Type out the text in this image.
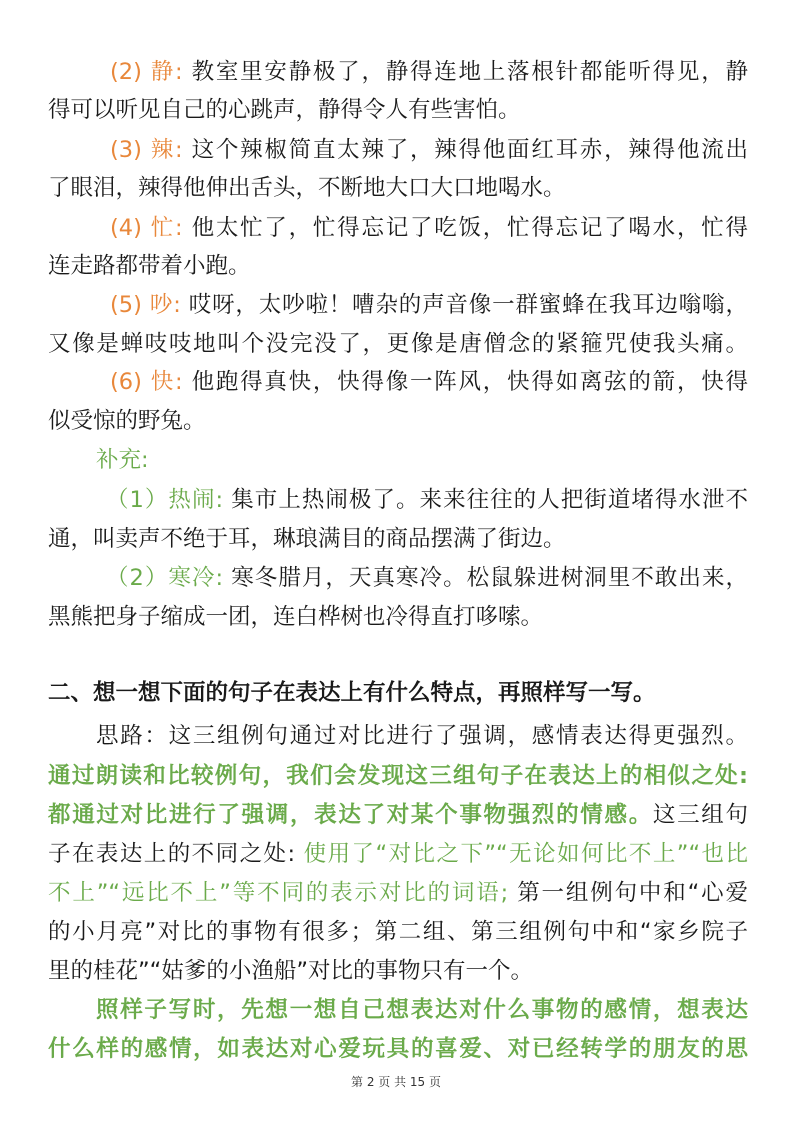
(2) 静: 教室里安静极了，静得连地上落根针都能听得见，静
得可以听见自己的心跳声，静得令人有些害怕。
(3) 辣: 这个辣椒简直太辣了，辣得他面红耳赤，辣得他流出
了眼泪，辣得他伸出舌头，不断地大口大口地喝水。
(4) 忙: 他太忙了，忙得忘记了吃饭，忙得忘记了喝水，忙得
连走路都带着小跑。
(5) 吵: 哎呀，太吵啦！嘈杂的声音像一群蜜蜂在我耳边嗡嗡，
又像是蝉吱吱地叫个没完没了，更像是唐僧念的紧箍咒使我头痛。
(6) 快: 他跑得真快，快得像一阵风，快得如离弦的箭，快得
似受惊的野兔。
补充:
（1）热闹: 集市上热闹极了。来来往往的人把街道堵得水泄不
通，叫卖声不绝于耳，琳琅满目的商品摆满了街边。
（2）寒冷: 寒冬腊月，天真寒冷。松鼠躲进树洞里不敢出来，
黑熊把身子缩成一团，连白桦树也冷得直打哆嗦。
二、想一想下面的句子在表达上有什么特点，再照样写一写。
思路：这三组例句通过对比进行了强调，感情表达得更强烈。
通过朗读和比较例句，我们会发现这三组句子在表达上的相似之处:
都通过对比进行了强调，表达了对某个事物强烈的情感。这三组句
子在表达上的不同之处: 使用了“对比之下”“无论如何比不上”“也比
不上”“远比不上”等不同的表示对比的词语; 第一组例句中和“心爱
的小月亮”对比的事物有很多；第二组、第三组例句中和“家乡院子
里的桂花”“姑爹的小渔船”对比的事物只有一个。
照样子写时，先想一想自己想表达对什么事物的感情，想表达
什么样的感情，如表达对心爱玩具的喜爱、对已经转学的朋友的思
第 2 页 共 15 页
